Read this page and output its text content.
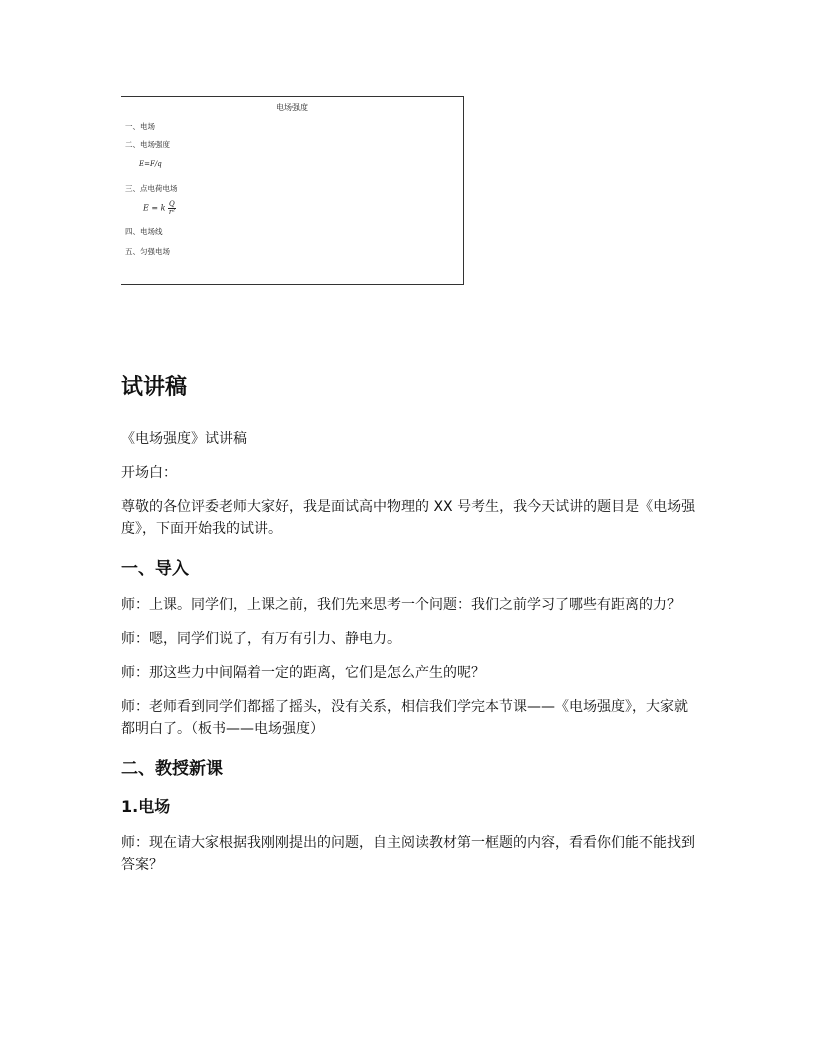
电场强度
一、电场
二、电场强度
E=F/q
三、点电荷电场
E = k $\frac{Q}{\text{r²}}$
四、电场线
五、匀强电场
试讲稿

《电场强度》试讲稿

开场白：

尊敬的各位评委老师大家好，我是面试高中物理的 XX 号考生，我今天试讲的题目是《电场强度》，下面开始我的试讲。

一、导入

师：上课。同学们，上课之前，我们先来思考一个问题：我们之前学习了哪些有距离的力？

师：嗯，同学们说了，有万有引力、静电力。

师：那这些力中间隔着一定的距离，它们是怎么产生的呢？

师：老师看到同学们都摇了摇头，没有关系，相信我们学完本节课——《电场强度》，大家就都明白了。（板书——电场强度）

二、教授新课
1.电场

师：现在请大家根据我刚刚提出的问题，自主阅读教材第一框题的内容，看看你们能不能找到答案？
